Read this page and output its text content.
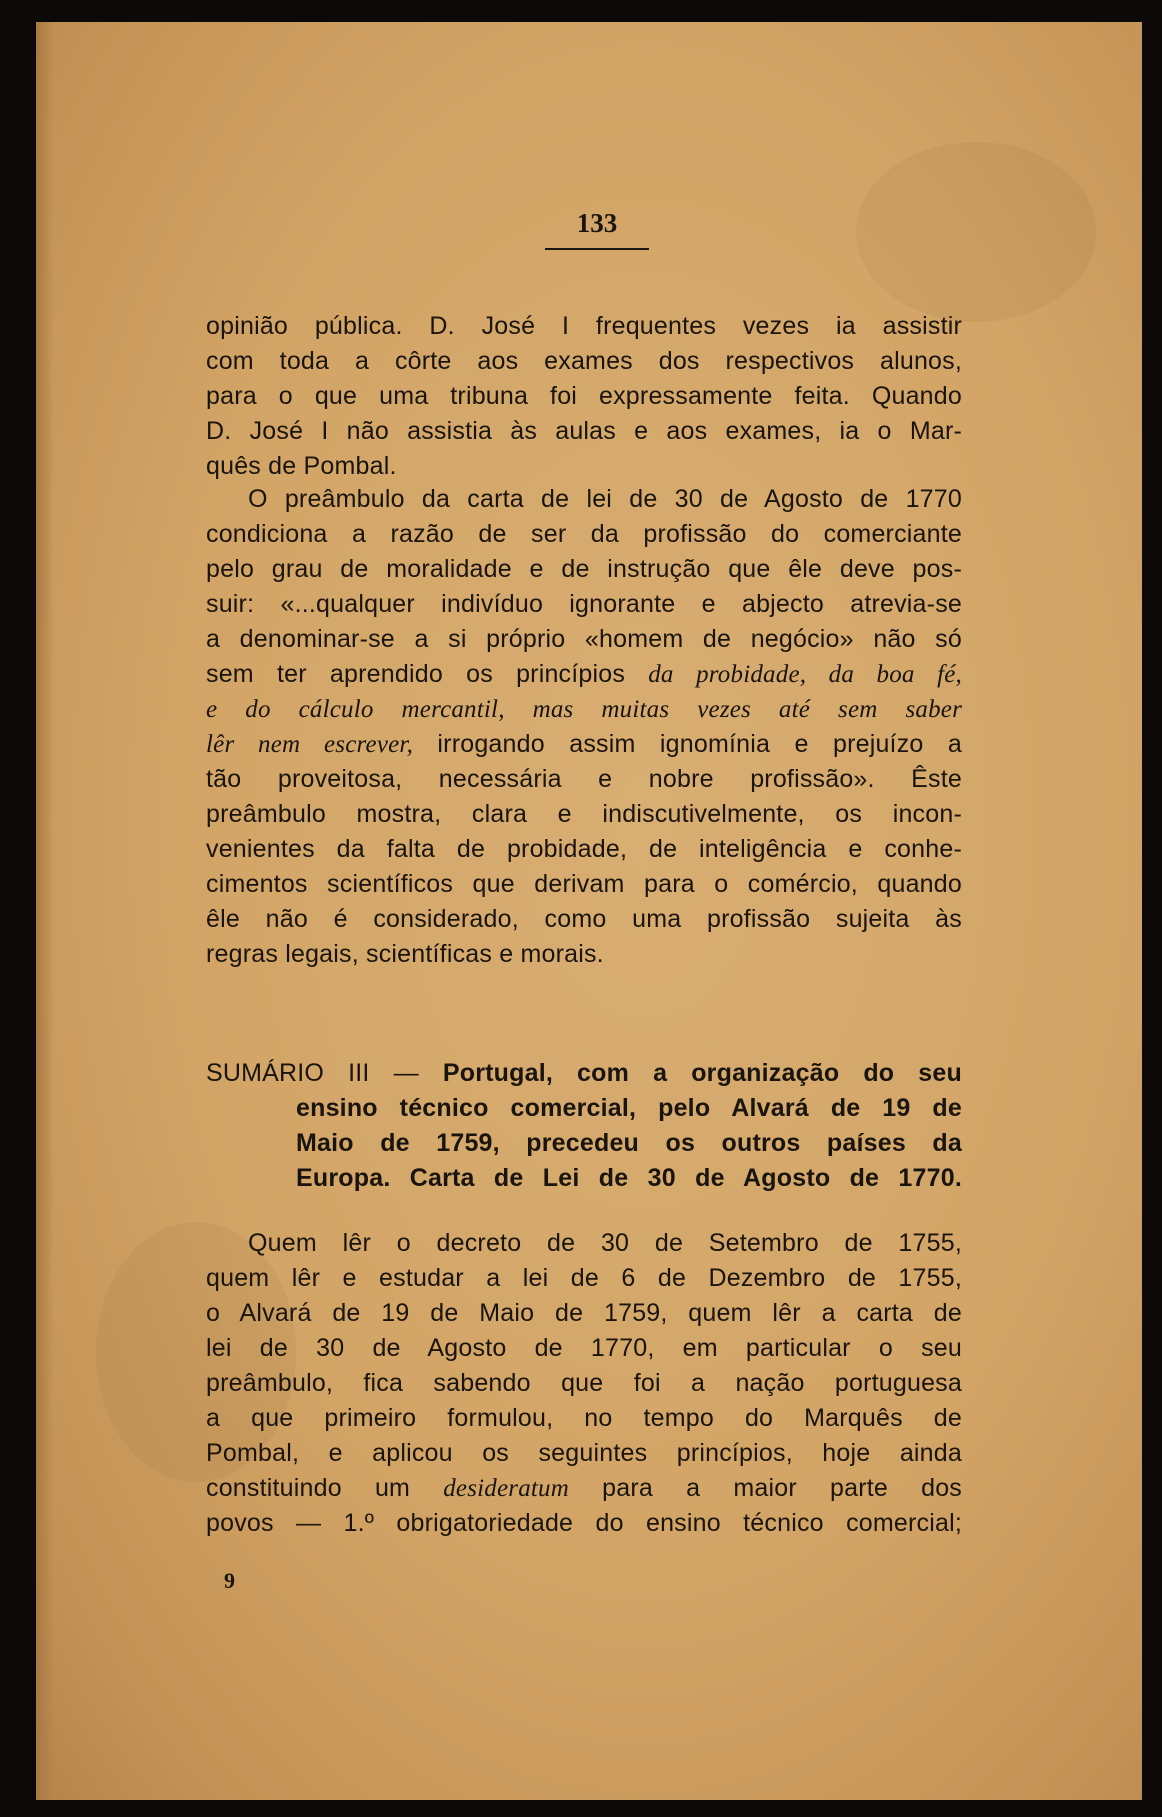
133
opinião pública. D. José I frequentes vezes ia assistir
com toda a côrte aos exames dos respectivos alunos,
para o que uma tribuna foi expressamente feita. Quando
D. José I não assistia às aulas e aos exames, ia o Mar-
quês de Pombal.
O preâmbulo da carta de lei de 30 de Agosto de 1770
condiciona a razão de ser da profissão do comerciante
pelo grau de moralidade e de instrução que êle deve pos-
suir: «...qualquer indivíduo ignorante e abjecto atrevia-se
a denominar-se a si próprio «homem de negócio» não só
sem ter aprendido os princípios da probidade, da boa fé,
e do cálculo mercantil, mas muitas vezes até sem saber
lêr nem escrever, irrogando assim ignomínia e prejuízo a
tão proveitosa, necessária e nobre profissão». Êste
preâmbulo mostra, clara e indiscutivelmente, os incon-
venientes da falta de probidade, de inteligência e conhe-
cimentos scientíficos que derivam para o comércio, quando
êle não é considerado, como uma profissão sujeita às
regras legais, scientíficas e morais.
SUMÁRIO III — Portugal, com a organização do seu
ensino técnico comercial, pelo Alvará de 19 de
Maio de 1759, precedeu os outros países da
Europa. Carta de Lei de 30 de Agosto de 1770.
Quem lêr o decreto de 30 de Setembro de 1755,
quem lêr e estudar a lei de 6 de Dezembro de 1755,
o Alvará de 19 de Maio de 1759, quem lêr a carta de
lei de 30 de Agosto de 1770, em particular o seu
preâmbulo, fica sabendo que foi a nação portuguesa
a que primeiro formulou, no tempo do Marquês de
Pombal, e aplicou os seguintes princípios, hoje ainda
constituindo um desideratum para a maior parte dos
povos — 1.º obrigatoriedade do ensino técnico comercial;
9
